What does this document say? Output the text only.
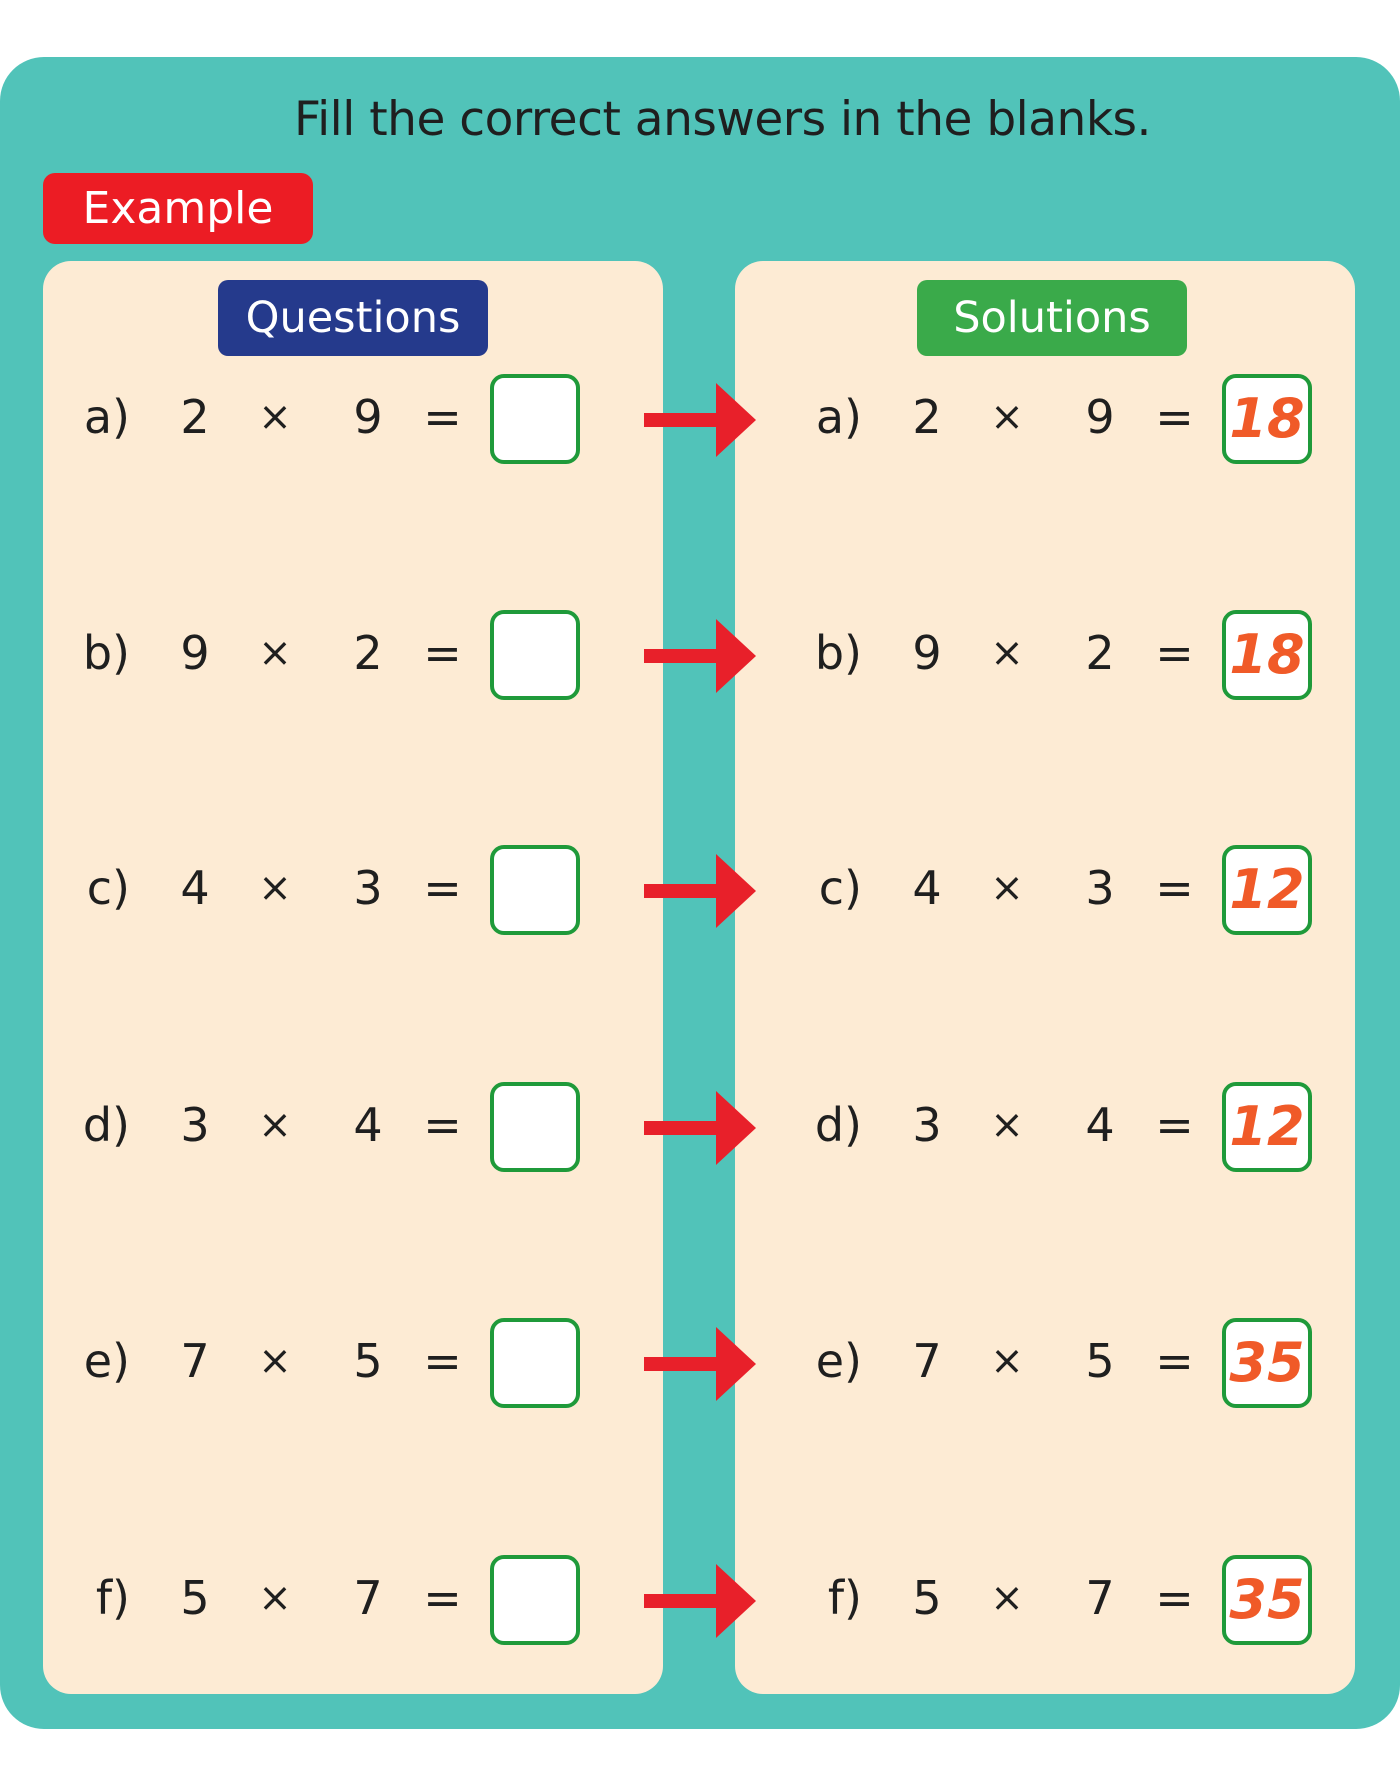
Fill the correct answers in the blanks.
Example
Questions	Solutions
a)	2	×	9 =	a)	2	×	9 = 18
b)	9	×	2 =	b)	9	×	2 = 18
c)	4	×	3 =	c)	4	×	3 = 12
d)	3	×	4 =	d)	3	×	4 = 12
e)	7	×	5 =	e)	7	×	5 = 35
f)	5	×	7 =	f)	5	×	7 = 35
